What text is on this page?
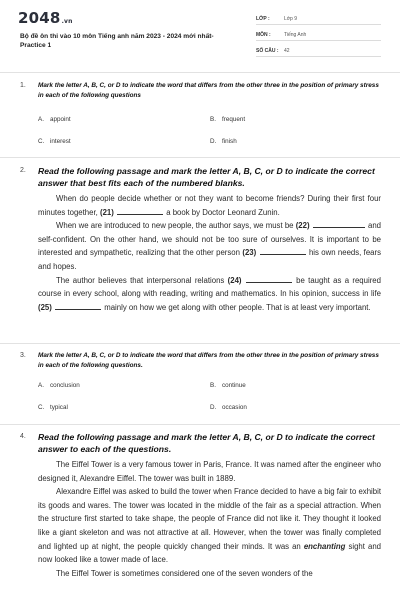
2048.vn
Bộ đề ôn thi vào 10 môn Tiếng anh năm 2023 - 2024 mới nhất- Practice 1
LỚP :	Lớp 9
MÔN :	Tiếng Anh
SỐ CÂU : 42
1. Mark the letter A, B, C, or D to indicate the word that differs from the other three in the position of primary stress in each of the following questions
A. appoint	B. frequent
C. interest	D. finish
2. Read the following passage and mark the letter A, B, C, or D to indicate the correct answer that best fits each of the numbered blanks.

When do people decide whether or not they want to become friends? During their first four minutes together, (21)	a book by Doctor Leonard Zunin.

When we are introduced to new people, the author says, we must be (22)	and self-confident. On the other hand, we should not be too sure of ourselves. It is important to be interested and sympathetic, realizing that the other person (23)	his own needs, fears and hopes.

The author believes that interpersonal relations (24)	be taught as a required course in every school, along with reading, writing and mathematics. In his opinion, success in life (25)	mainly on how we get along with other people. That is at least very important.

3. Mark the letter A, B, C, or D to indicate the word that differs from the other three in the position of primary stress in each of the following questions.
A. conclusion	B. continue
C. typical	D. occasion
4. Read the following passage and mark the letter A, B, C, or D to indicate the correct answer to each of the questions.

The Eiffel Tower is a very famous tower in Paris, France. It was named after the engineer who designed it, Alexandre Eiffel. The tower was built in 1889.

Alexandre Eiffel was asked to build the tower when France decided to have a big fair to exhibit its goods and wares. The tower was located in the middle of the fair as a special attraction. When the structure first started to take shape, the people of France did not like it. They thought it looked like a giant skeleton and was not attractive at all. However, when the tower was finally completed and lighted up at night, the people quickly changed their minds. It was an enchanting sight and now looked like a tower made of lace.

The Eiffel Tower is sometimes considered one of the seven wonders of the
